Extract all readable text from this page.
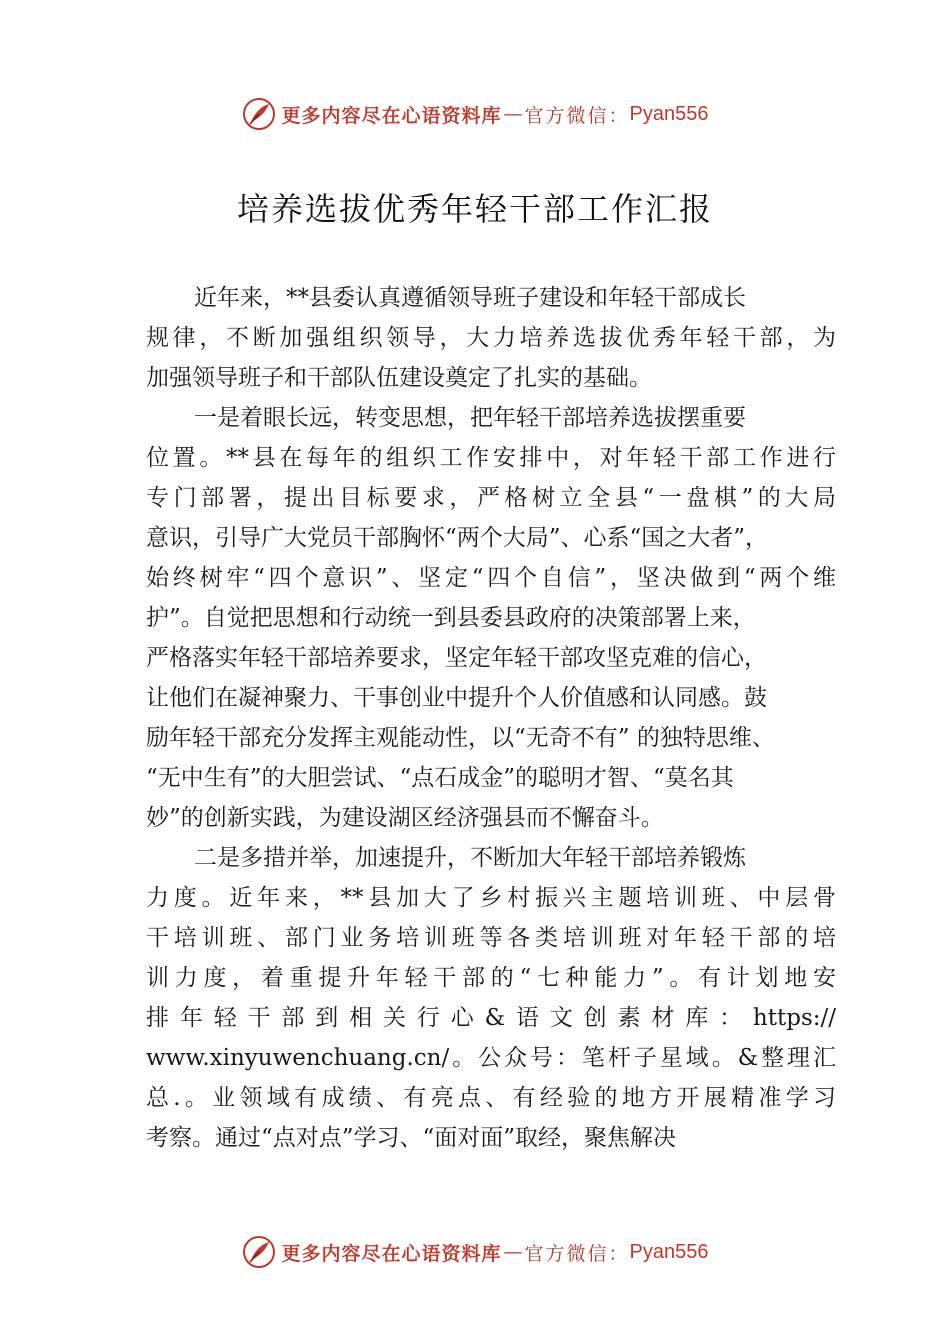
更多内容尽在心语资料库 — 官方微信： Pyan556
培养选拔优秀年轻干部工作汇报
近年来，**县委认真遵循领导班子建设和年轻干部成长
规律，不断加强组织领导，大力培养选拔优秀年轻干部，为
加强领导班子和干部队伍建设奠定了扎实的基础。
一是着眼长远，转变思想，把年轻干部培养选拔摆重要
位置。**县在每年的组织工作安排中，对年轻干部工作进行
专门部署，提出目标要求，严格树立全县“一盘棋”的大局
意识，引导广大党员干部胸怀“两个大局”、心系“国之大者”，
始终树牢“四个意识”、坚定“四个自信”，坚决做到“两个维
护”。自觉把思想和行动统一到县委县政府的决策部署上来，
严格落实年轻干部培养要求，坚定年轻干部攻坚克难的信心，
让他们在凝神聚力、干事创业中提升个人价值感和认同感。鼓
励年轻干部充分发挥主观能动性，以“无奇不有” 的独特思维、
“无中生有”的大胆尝试、“点石成金”的聪明才智、“莫名其
妙”的创新实践，为建设湖区经济强县而不懈奋斗。
二是多措并举，加速提升，不断加大年轻干部培养锻炼
力度。近年来，**县加大了乡村振兴主题培训班、中层骨
干培训班、部门业务培训班等各类培训班对年轻干部的培
训力度，着重提升年轻干部的“七种能力”。有计划地安
排年轻干部到相关行心&语文创素材库：https://
www.xinyuwenchuang.cn/。公众号：笔杆子星域。&整理汇
总.。业领域有成绩、有亮点、有经验的地方开展精准学习
考察。通过“点对点”学习、“面对面”取经，聚焦解决
更多内容尽在心语资料库 — 官方微信： Pyan556
